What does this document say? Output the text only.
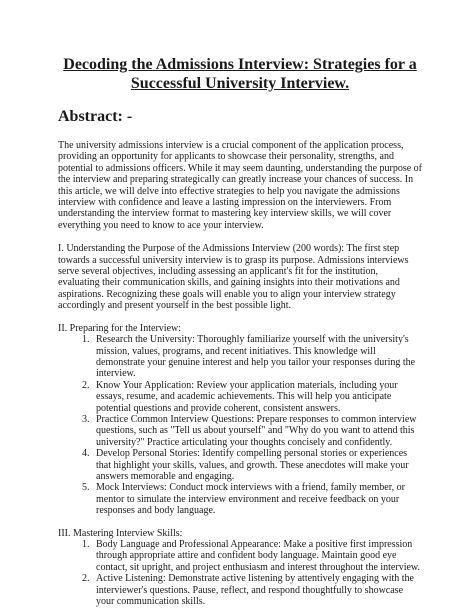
Decoding the Admissions Interview: Strategies for a
Successful University Interview.
Abstract: -

The university admissions interview is a crucial component of the application process, providing an opportunity for applicants to showcase their personality, strengths, and potential to admissions officers. While it may seem daunting, understanding the purpose of the interview and preparing strategically can greatly increase your chances of success. In this article, we will delve into effective strategies to help you navigate the admissions interview with confidence and leave a lasting impression on the interviewers. From understanding the interview format to mastering key interview skills, we will cover everything you need to know to ace your interview.

I. Understanding the Purpose of the Admissions Interview (200 words): The first step towards a successful university interview is to grasp its purpose. Admissions interviews serve several objectives, including assessing an applicant's fit for the institution, evaluating their communication skills, and gaining insights into their motivations and aspirations. Recognizing these goals will enable you to align your interview strategy accordingly and present yourself in the best possible light.

II. Preparing for the Interview:

1. Research the University: Thoroughly familiarize yourself with the university's mission, values, programs, and recent initiatives. This knowledge will demonstrate your genuine interest and help you tailor your responses during the interview.
2. Know Your Application: Review your application materials, including your essays, resume, and academic achievements. This will help you anticipate potential questions and provide coherent, consistent answers.
3. Practice Common Interview Questions: Prepare responses to common interview questions, such as "Tell us about yourself" and "Why do you want to attend this university?" Practice articulating your thoughts concisely and confidently.
4. Develop Personal Stories: Identify compelling personal stories or experiences that highlight your skills, values, and growth. These anecdotes will make your answers memorable and engaging.
5. Mock Interviews: Conduct mock interviews with a friend, family member, or mentor to simulate the interview environment and receive feedback on your responses and body language.

III. Mastering Interview Skills:

1. Body Language and Professional Appearance: Make a positive first impression through appropriate attire and confident body language. Maintain good eye contact, sit upright, and project enthusiasm and interest throughout the interview.
2. Active Listening: Demonstrate active listening by attentively engaging with the interviewer's questions. Pause, reflect, and respond thoughtfully to showcase your communication skills.
